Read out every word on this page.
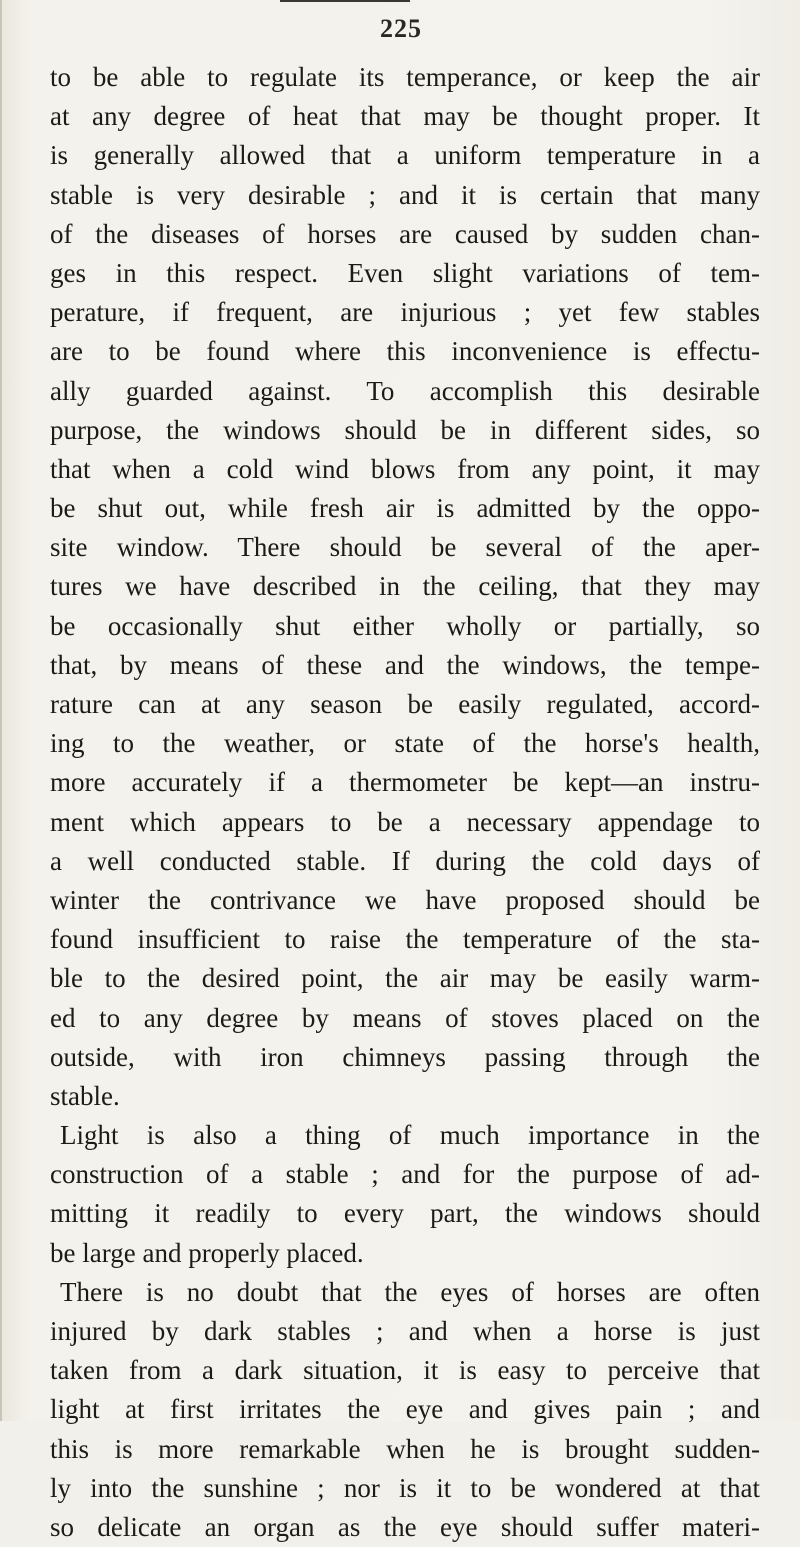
225
to be able to regulate its temperance, or keep the air
at any degree of heat that may be thought proper. It
is generally allowed that a uniform temperature in a
stable is very desirable ; and it is certain that many
of the diseases of horses are caused by sudden chan-
ges in this respect. Even slight variations of tem-
perature, if frequent, are injurious ; yet few stables
are to be found where this inconvenience is effectu-
ally guarded against. To accomplish this desirable
purpose, the windows should be in different sides, so
that when a cold wind blows from any point, it may
be shut out, while fresh air is admitted by the oppo-
site window. There should be several of the aper-
tures we have described in the ceiling, that they may
be occasionally shut either wholly or partially, so
that, by means of these and the windows, the tempe-
rature can at any season be easily regulated, accord-
ing to the weather, or state of the horse's health,
more accurately if a thermometer be kept—an instru-
ment which appears to be a necessary appendage to
a well conducted stable. If during the cold days of
winter the contrivance we have proposed should be
found insufficient to raise the temperature of the sta-
ble to the desired point, the air may be easily warm-
ed to any degree by means of stoves placed on the
outside, with iron chimneys passing through the
stable.
Light is also a thing of much importance in the
construction of a stable ; and for the purpose of ad-
mitting it readily to every part, the windows should
be large and properly placed.
There is no doubt that the eyes of horses are often
injured by dark stables ; and when a horse is just
taken from a dark situation, it is easy to perceive that
light at first irritates the eye and gives pain ; and
this is more remarkable when he is brought sudden-
ly into the sunshine ; nor is it to be wondered at that
so delicate an organ as the eye should suffer materi-
